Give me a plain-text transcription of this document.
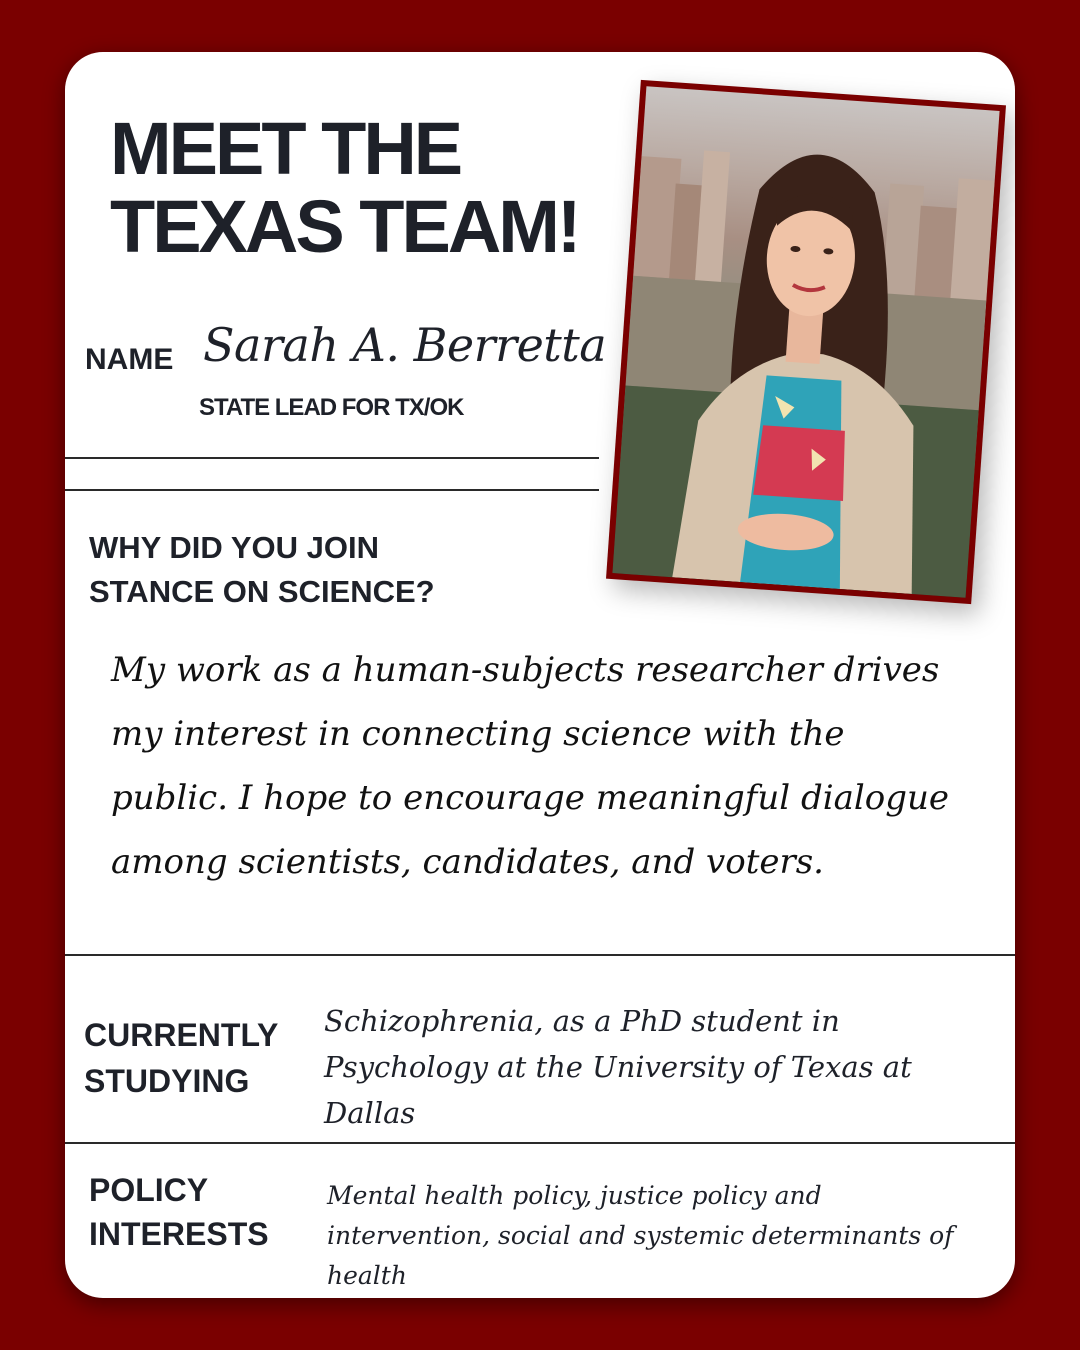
MEET THE
TEXAS TEAM!
NAME Sarah A. Berretta
STATE LEAD FOR TX/OK
WHY DID YOU JOIN
STANCE ON SCIENCE?
My work as a human-subjects researcher drives my interest in connecting science with the public. I hope to encourage meaningful dialogue among scientists, candidates, and voters.
CURRENTLY
STUDYING
Schizophrenia, as a PhD student in Psychology at the University of Texas at Dallas
POLICY
INTERESTS
Mental health policy, justice policy and intervention, social and systemic determinants of health
